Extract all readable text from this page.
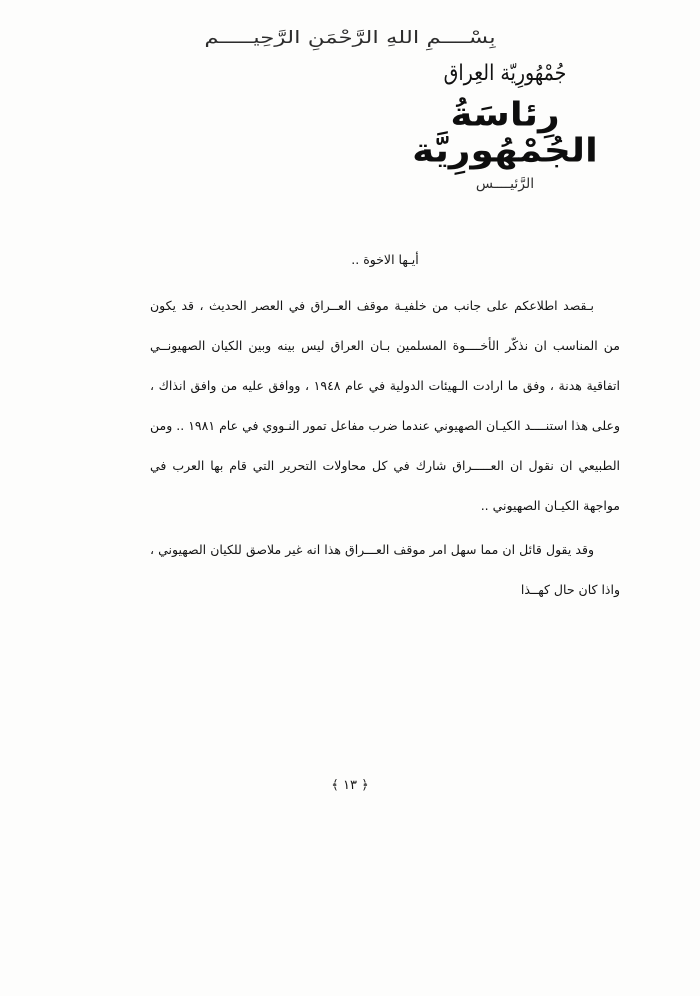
بِسْــــمِ اللهِ الرَّحْمَنِ الرَّحِيـــــم
جُمْهُورِيّة العِراق
رِئاسَةُ الجُمْهُورِيَّة
الرَّئيــــس
أيـها الاخوة ..

بـقصد اطلاعكم على جانب من خلفيـة موقف العــراق في العصر الحديث ، قد يكون من المناسب ان نذكّر الأخــــوة المسلمين بـان العراق ليس بينه وبين الكيان الصهيونــي اتفاقية هدنة ، وفق ما ارادت الـهيئات الدولية في عام ١٩٤٨ ، ووافق عليه من وافق انذاك ، وعلى هذا استنــــد الكيـان الصهيوني عندما ضرب مفاعل تمور النـووي في عام ١٩٨١ .. ومن الطبيعي ان نقول ان العـــــراق شارك في كل محاولات التحرير التي قام بها العرب في مواجهة الكيـان الصهيوني ..

وقد يقول قائل ان مما سهل امر موقف العـــراق هذا انه غير ملاصق للكيان الصهيوني ، واذا كان حال كهــذا

﴿ ١٣ ﴾
